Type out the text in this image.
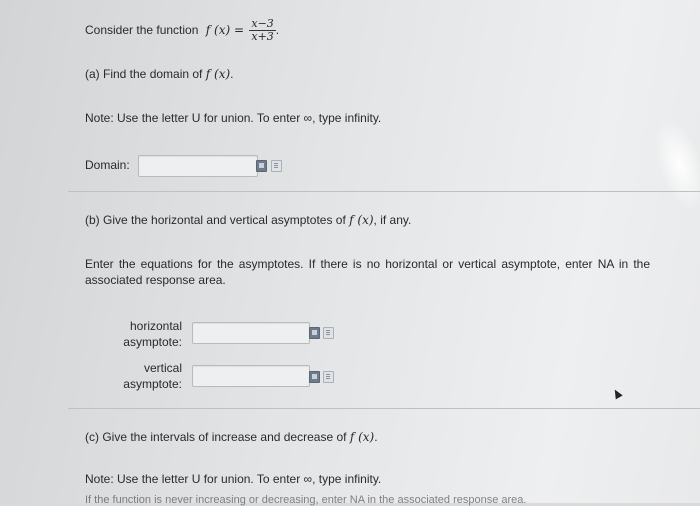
Consider the function f $(x) = \frac{x-3}{x+3}$ .
(a) Find the domain of f (x).
Note: Use the letter U for union. To enter ∞, type infinity.
Domain:
(b) Give the horizontal and vertical asymptotes of f (x), if any.
Enter the equations for the asymptotes. If there is no horizontal or vertical asymptote, enter NA in the associated response area.
horizontal
asymptote:
vertical
asymptote:
(c) Give the intervals of increase and decrease of f (x).
Note: Use the letter U for union. To enter ∞, type infinity.
If the function is never increasing or decreasing, enter NA in the associated response area.
